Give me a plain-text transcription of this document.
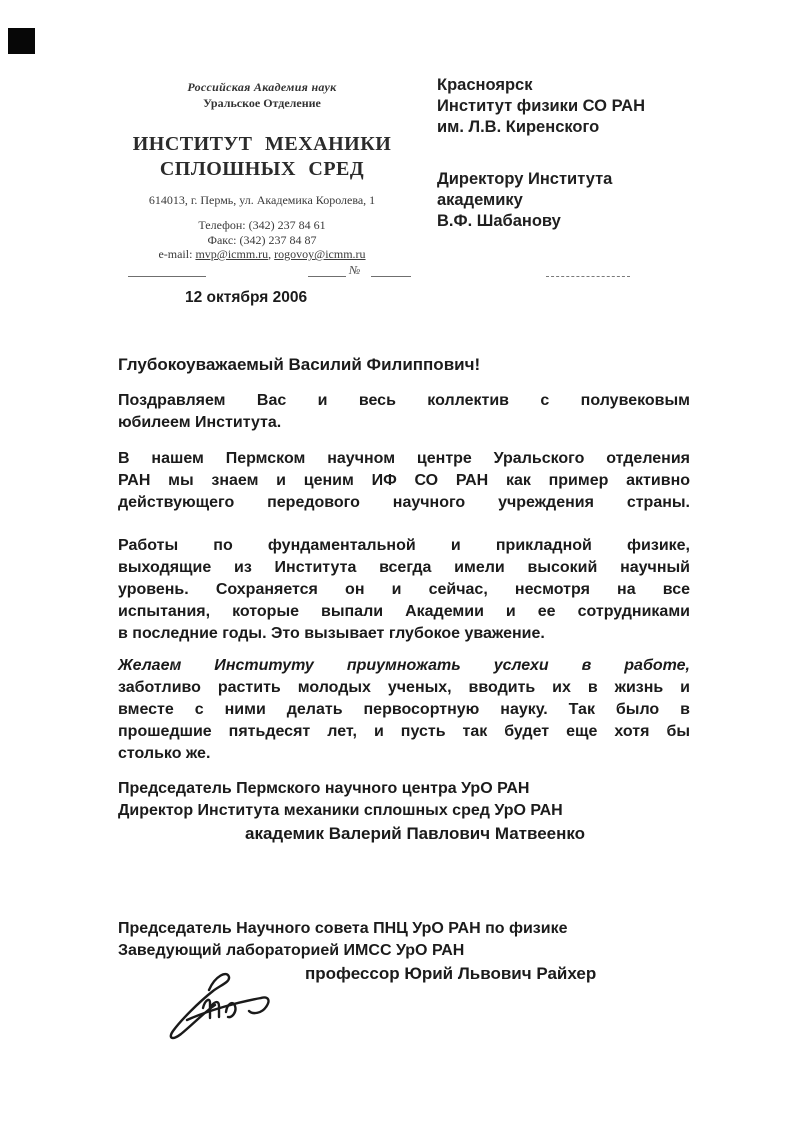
Российская Академия наук
Уральское Отделение
ИНСТИТУТ МЕХАНИКИ
СПЛОШНЫХ СРЕД
614013, г. Пермь, ул. Академика Королева, 1
Телефон: (342) 237 84 61
Факс: (342) 237 84 87
e-mail: mvp@icmm.ru, rogovoy@icmm.ru
№
Красноярск
Институт физики СО РАН
им. Л.В. Киренского
Директору Института
академику
В.Ф. Шабанову
12 октября 2006
Глубокоуважаемый Василий Филиппович!
Поздравляем Вас и весь коллектив с полувековым
юбилеем Института.
В нашем Пермском научном центре Уральского отделения
РАН мы знаем и ценим ИФ СО РАН как пример активно
действующего передового научного учреждения страны.
Работы по фундаментальной и прикладной физике,
выходящие из Института всегда имели высокий научный
уровень. Сохраняется он и сейчас, несмотря на все
испытания, которые выпали Академии и ее сотрудниками
в последние годы. Это вызывает глубокое уважение.
Желаем Институту приумножать услехи в работе,
заботливо растить молодых ученых, вводить их в жизнь и
вместе с ними делать первосортную науку. Так было в
прошедшие пятьдесят лет, и пусть так будет еще хотя бы
столько же.
Председатель Пермского научного центра УрО РАН
Директор Института механики сплошных сред УрО РАН
академик Валерий Павлович Матвеенко
Председатель Научного совета ПНЦ УрО РАН по физике
Заведующий лабораторией ИМСС УрО РАН
профессор Юрий Львович Райхер
